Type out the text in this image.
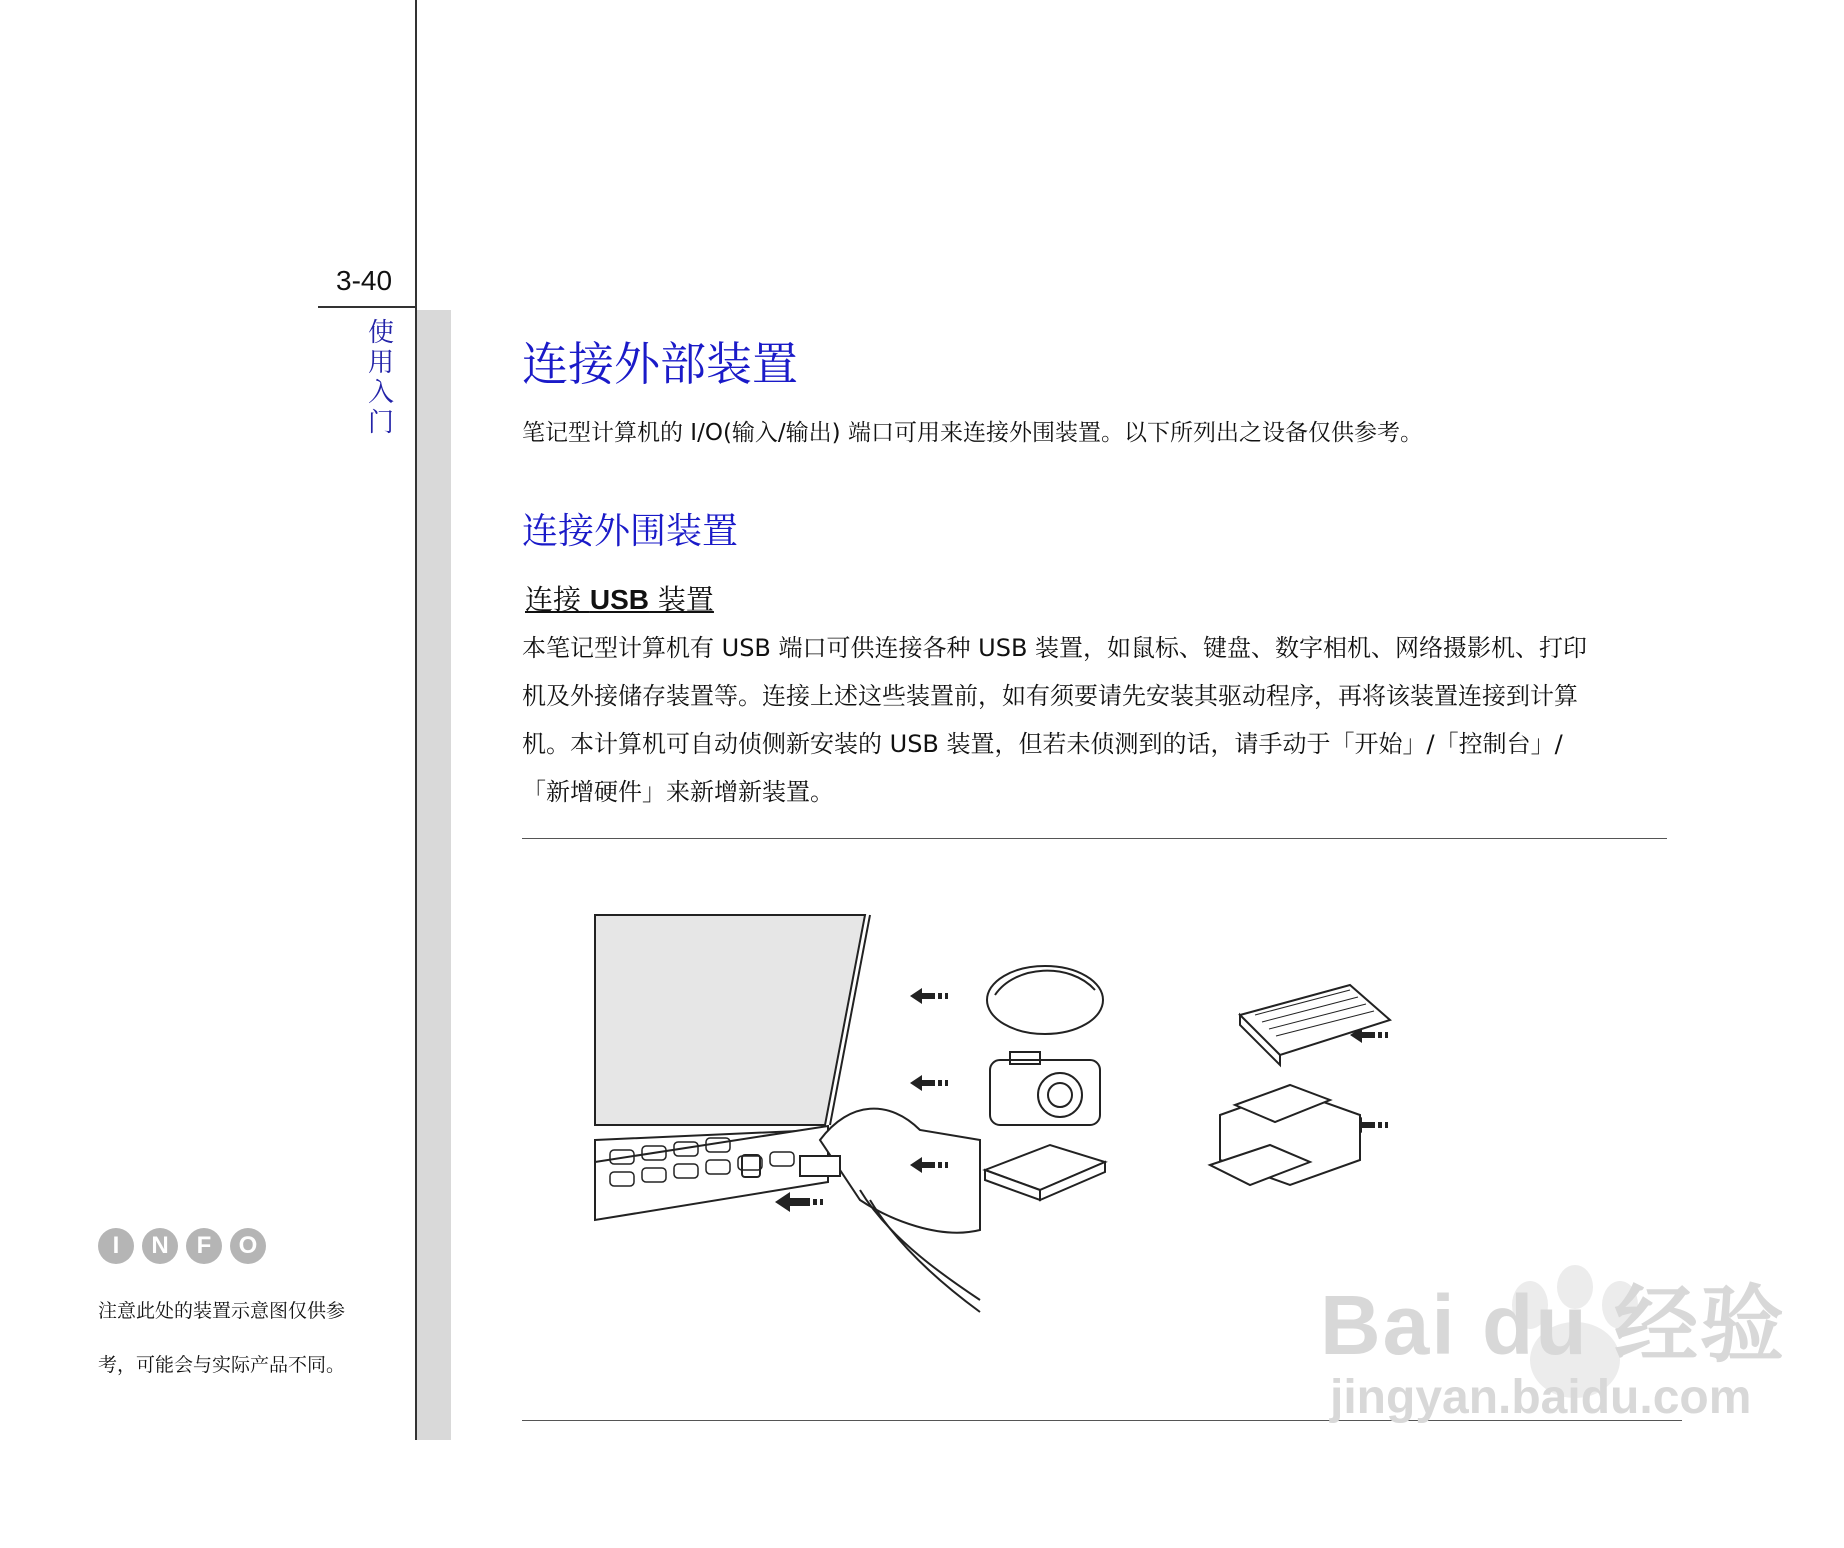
3-40
使
用
入
门
连接外部装置
笔记型计算机的 I/O(输入/输出) 端口可用来连接外围装置。以下所列出之设备仅供参考。
连接外围装置
连接 USB 装置

本笔记型计算机有 USB 端口可供连接各种 USB 装置，如鼠标、键盘、数字相机、网络摄影机、打印

机及外接储存装置等。连接上述这些装置前，如有须要请先安装其驱动程序，再将该装置连接到计算

机。本计算机可自动侦侧新安装的 USB 装置，但若未侦测到的话，请手动于「开始」/「控制台」/

「新增硬件」来新增新装置。

I	N	F	O

注意此处的装置示意图仅供参

考，可能会与实际产品不同。	Bai du 经验
jingyan.baidu.com
